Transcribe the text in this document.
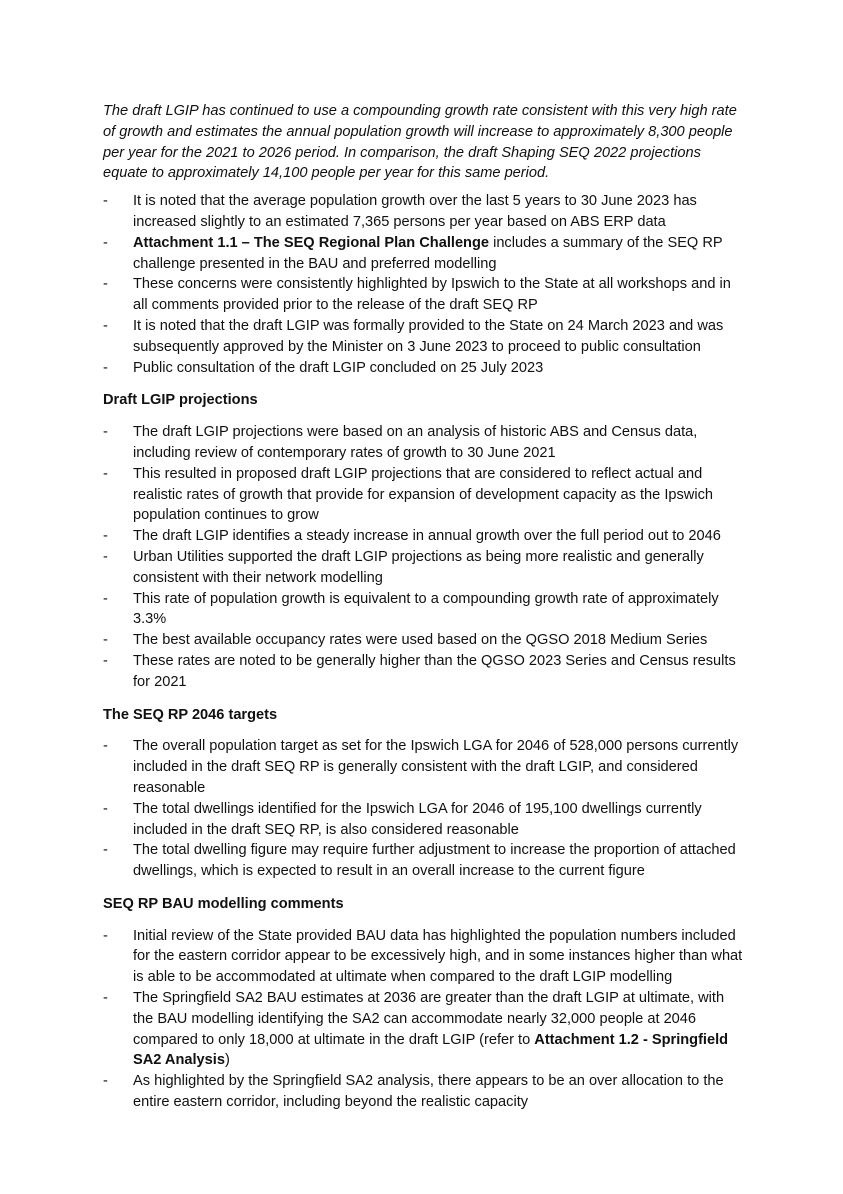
The draft LGIP has continued to use a compounding growth rate consistent with this very high rate of growth and estimates the annual population growth will increase to approximately 8,300 people per year for the 2021 to 2026 period. In comparison, the draft Shaping SEQ 2022 projections equate to approximately 14,100 people per year for this same period.

-	It is noted that the average population growth over the last 5 years to 30 June 2023 has increased slightly to an estimated 7,365 persons per year based on ABS ERP data
-	Attachment 1.1 – The SEQ Regional Plan Challenge includes a summary of the SEQ RP challenge presented in the BAU and preferred modelling
-	These concerns were consistently highlighted by Ipswich to the State at all workshops and in all comments provided prior to the release of the draft SEQ RP
-	It is noted that the draft LGIP was formally provided to the State on 24 March 2023 and was subsequently approved by the Minister on 3 June 2023 to proceed to public consultation
-	Public consultation of the draft LGIP concluded on 25 July 2023

Draft LGIP projections

-	The draft LGIP projections were based on an analysis of historic ABS and Census data, including review of contemporary rates of growth to 30 June 2021
-	This resulted in proposed draft LGIP projections that are considered to reflect actual and realistic rates of growth that provide for expansion of development capacity as the Ipswich population continues to grow
-	The draft LGIP identifies a steady increase in annual growth over the full period out to 2046
-	Urban Utilities supported the draft LGIP projections as being more realistic and generally consistent with their network modelling
-	This rate of population growth is equivalent to a compounding growth rate of approximately 3.3%
-	The best available occupancy rates were used based on the QGSO 2018 Medium Series
-	These rates are noted to be generally higher than the QGSO 2023 Series and Census results for 2021

The SEQ RP 2046 targets

-	The overall population target as set for the Ipswich LGA for 2046 of 528,000 persons currently included in the draft SEQ RP is generally consistent with the draft LGIP, and considered reasonable
-	The total dwellings identified for the Ipswich LGA for 2046 of 195,100 dwellings currently included in the draft SEQ RP, is also considered reasonable
-	The total dwelling figure may require further adjustment to increase the proportion of attached dwellings, which is expected to result in an overall increase to the current figure

SEQ RP BAU modelling comments

-	Initial review of the State provided BAU data has highlighted the population numbers included for the eastern corridor appear to be excessively high, and in some instances higher than what is able to be accommodated at ultimate when compared to the draft LGIP modelling
-	The Springfield SA2 BAU estimates at 2036 are greater than the draft LGIP at ultimate, with the BAU modelling identifying the SA2 can accommodate nearly 32,000 people at 2046 compared to only 18,000 at ultimate in the draft LGIP (refer to Attachment 1.2 - Springfield SA2 Analysis)
-	As highlighted by the Springfield SA2 analysis, there appears to be an over allocation to the entire eastern corridor, including beyond the realistic capacity
